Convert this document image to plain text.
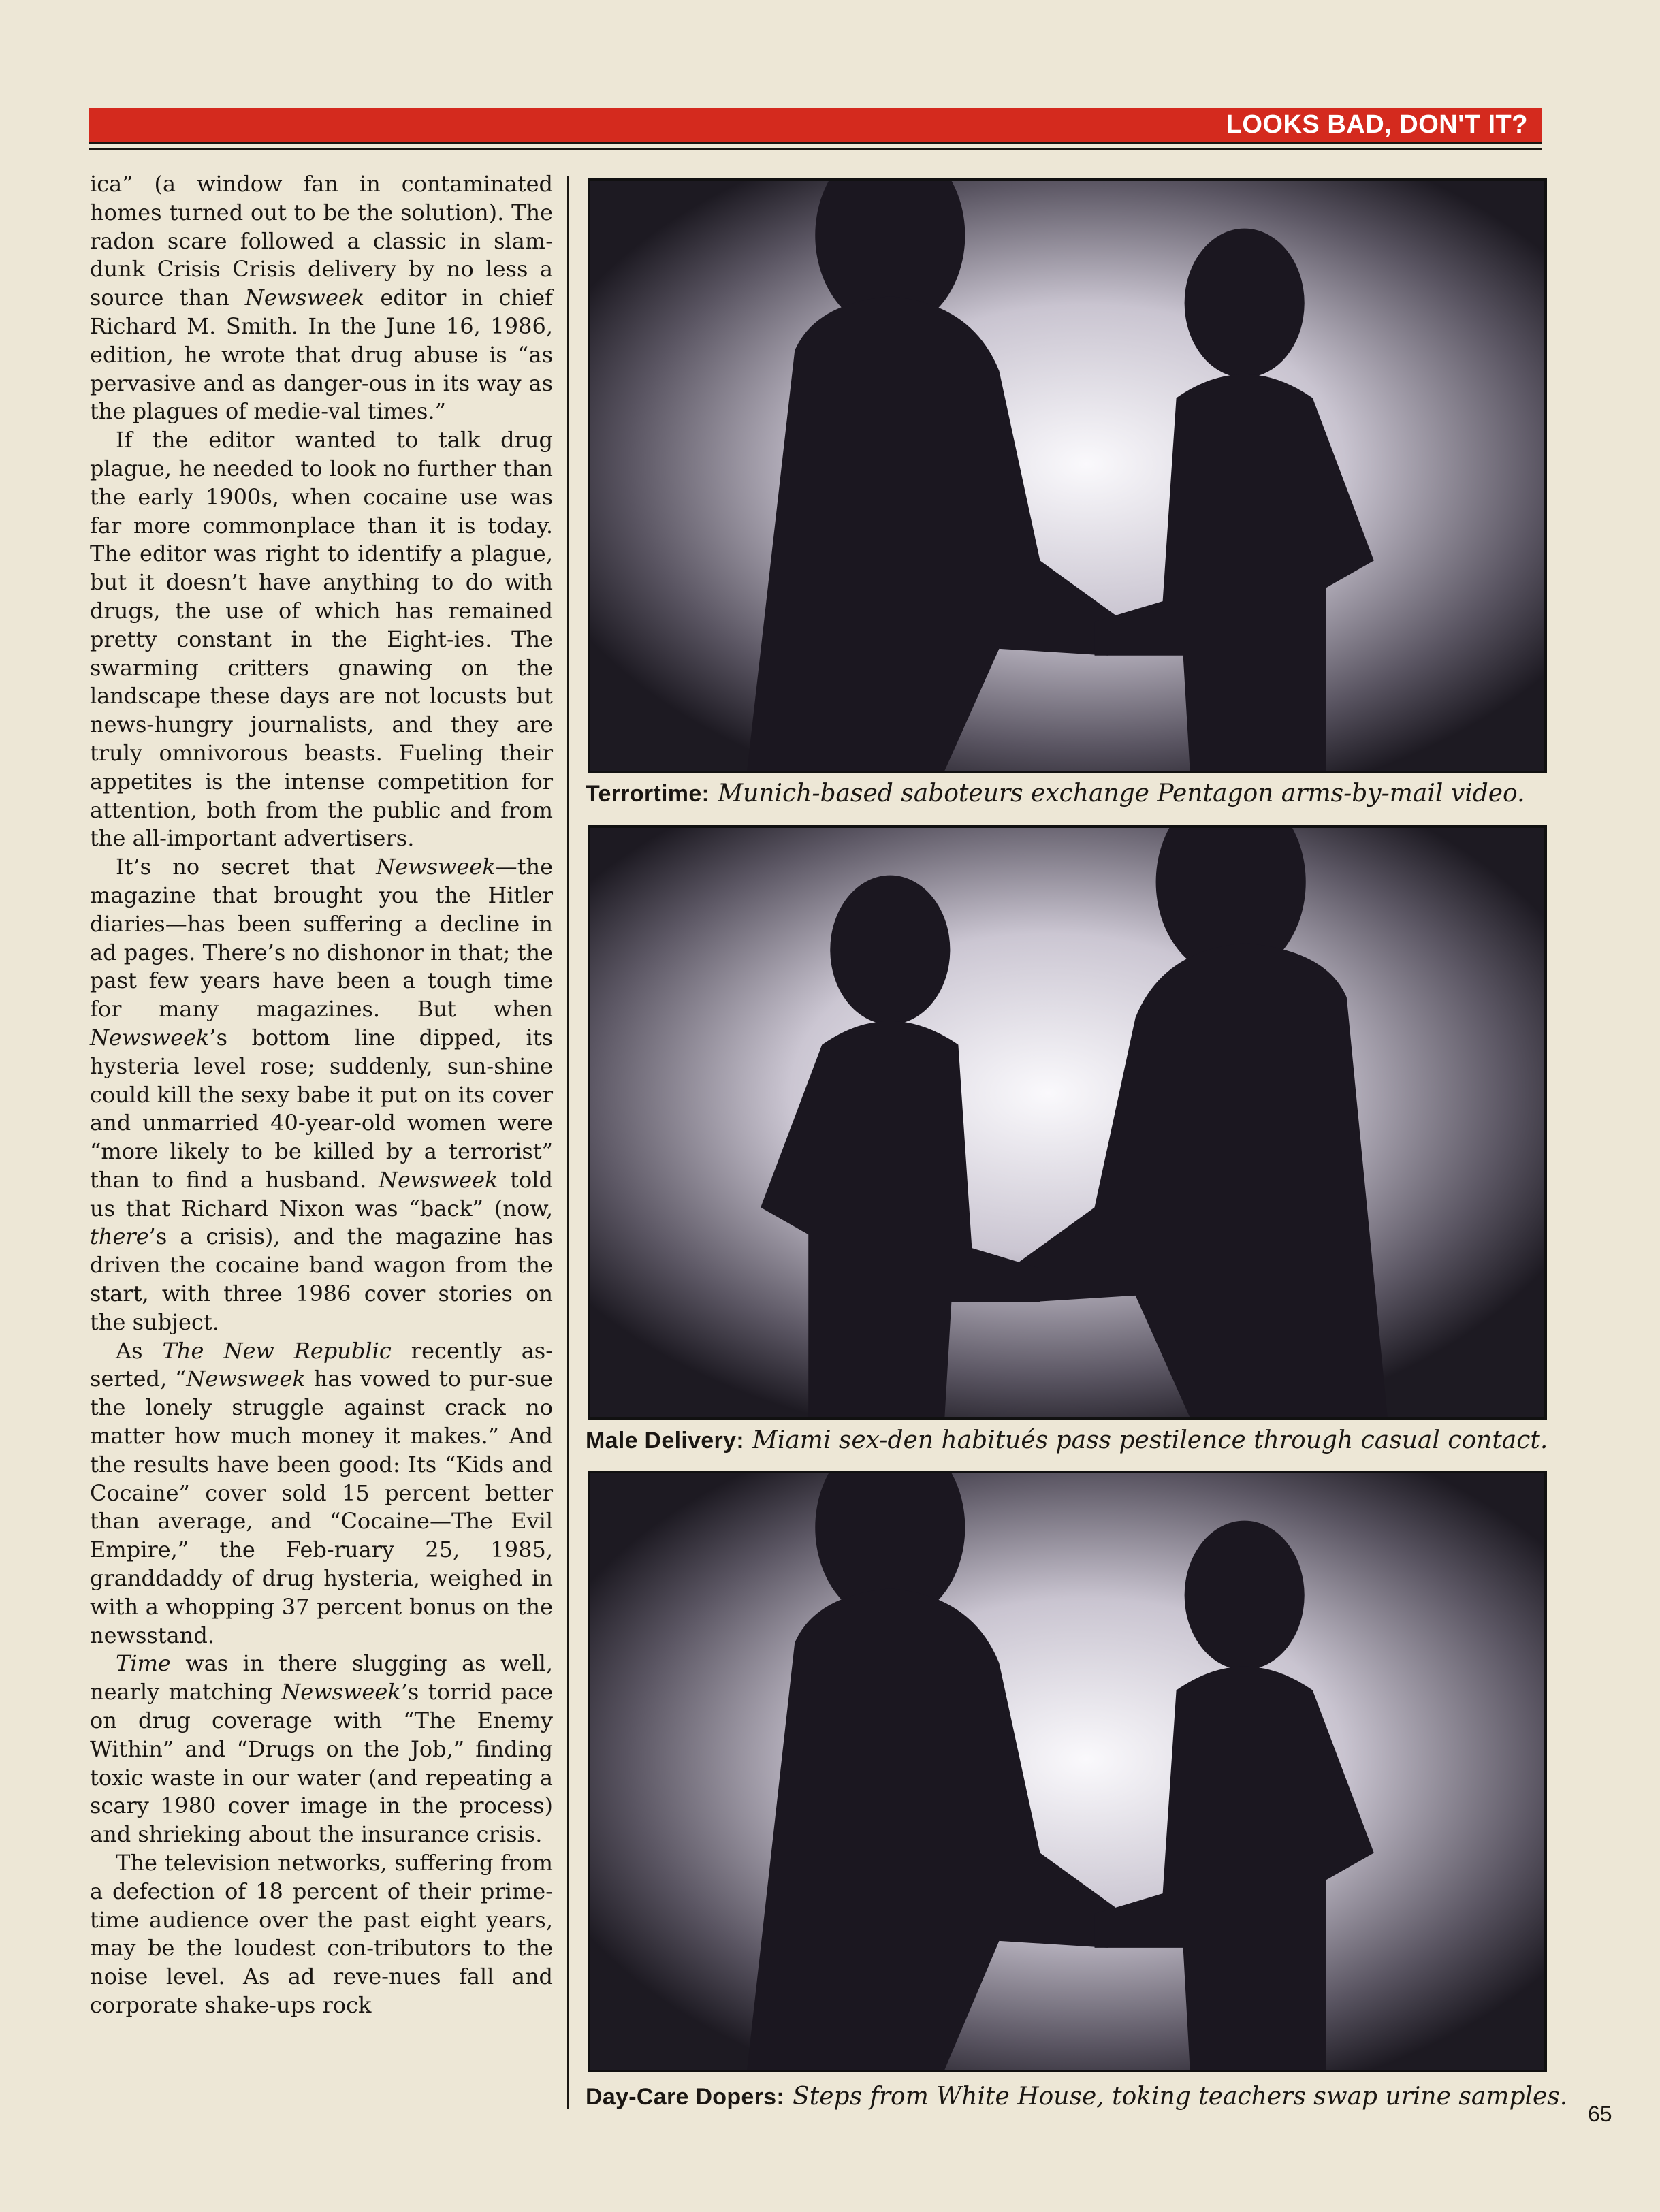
LOOKS BAD, DON'T IT?

ica” (a window fan in contaminated homes turned out to be the solution). The radon scare followed a classic in slam-dunk Crisis Crisis delivery by no less a source than Newsweek editor in chief Richard M. Smith. In the June 16, 1986, edition, he wrote that drug abuse is “as pervasive and as danger-ous in its way as the plagues of medie-val times.”

If the editor wanted to talk drug plague, he needed to look no further than the early 1900s, when cocaine use was far more commonplace than it is today. The editor was right to identify a plague, but it doesn’t have anything to do with drugs, the use of which has remained pretty constant in the Eight-ies. The swarming critters gnawing on the landscape these days are not locusts but news-hungry journalists, and they are truly omnivorous beasts. Fueling their appetites is the intense competition for attention, both from the public and from the all-important advertisers.

It’s no secret that Newsweek—the magazine that brought you the Hitler diaries—has been suffering a decline in ad pages. There’s no dishonor in that; the past few years have been a tough time for many magazines. But when Newsweek’s bottom line dipped, its hysteria level rose; suddenly, sun-shine could kill the sexy babe it put on its cover and unmarried 40-year-old women were “more likely to be killed by a terrorist” than to find a husband. Newsweek told us that Richard Nixon was “back” (now, there’s a crisis), and the magazine has driven the cocaine band wagon from the start, with three 1986 cover stories on the subject.

As The New Republic recently as-serted, “Newsweek has vowed to pur-sue the lonely struggle against crack no matter how much money it makes.” And the results have been good: Its “Kids and Cocaine” cover sold 15 percent better than average, and “Cocaine—The Evil Empire,” the Feb-ruary 25, 1985, granddaddy of drug hysteria, weighed in with a whopping 37 percent bonus on the newsstand.

Time was in there slugging as well, nearly matching Newsweek’s torrid pace on drug coverage with “The Enemy Within” and “Drugs on the Job,” finding toxic waste in our water (and repeating a scary 1980 cover image in the process) and shrieking about the insurance crisis.

The television networks, suffering from a defection of 18 percent of their prime-time audience over the past eight years, may be the loudest con-tributors to the noise level. As ad reve-nues fall and corporate shake-ups rock

Terrortime: Munich-based saboteurs exchange Pentagon arms-by-mail video.
Male Delivery: Miami sex-den habitués pass pestilence through casual contact.
Day-Care Dopers: Steps from White House, toking teachers swap urine samples.
65
